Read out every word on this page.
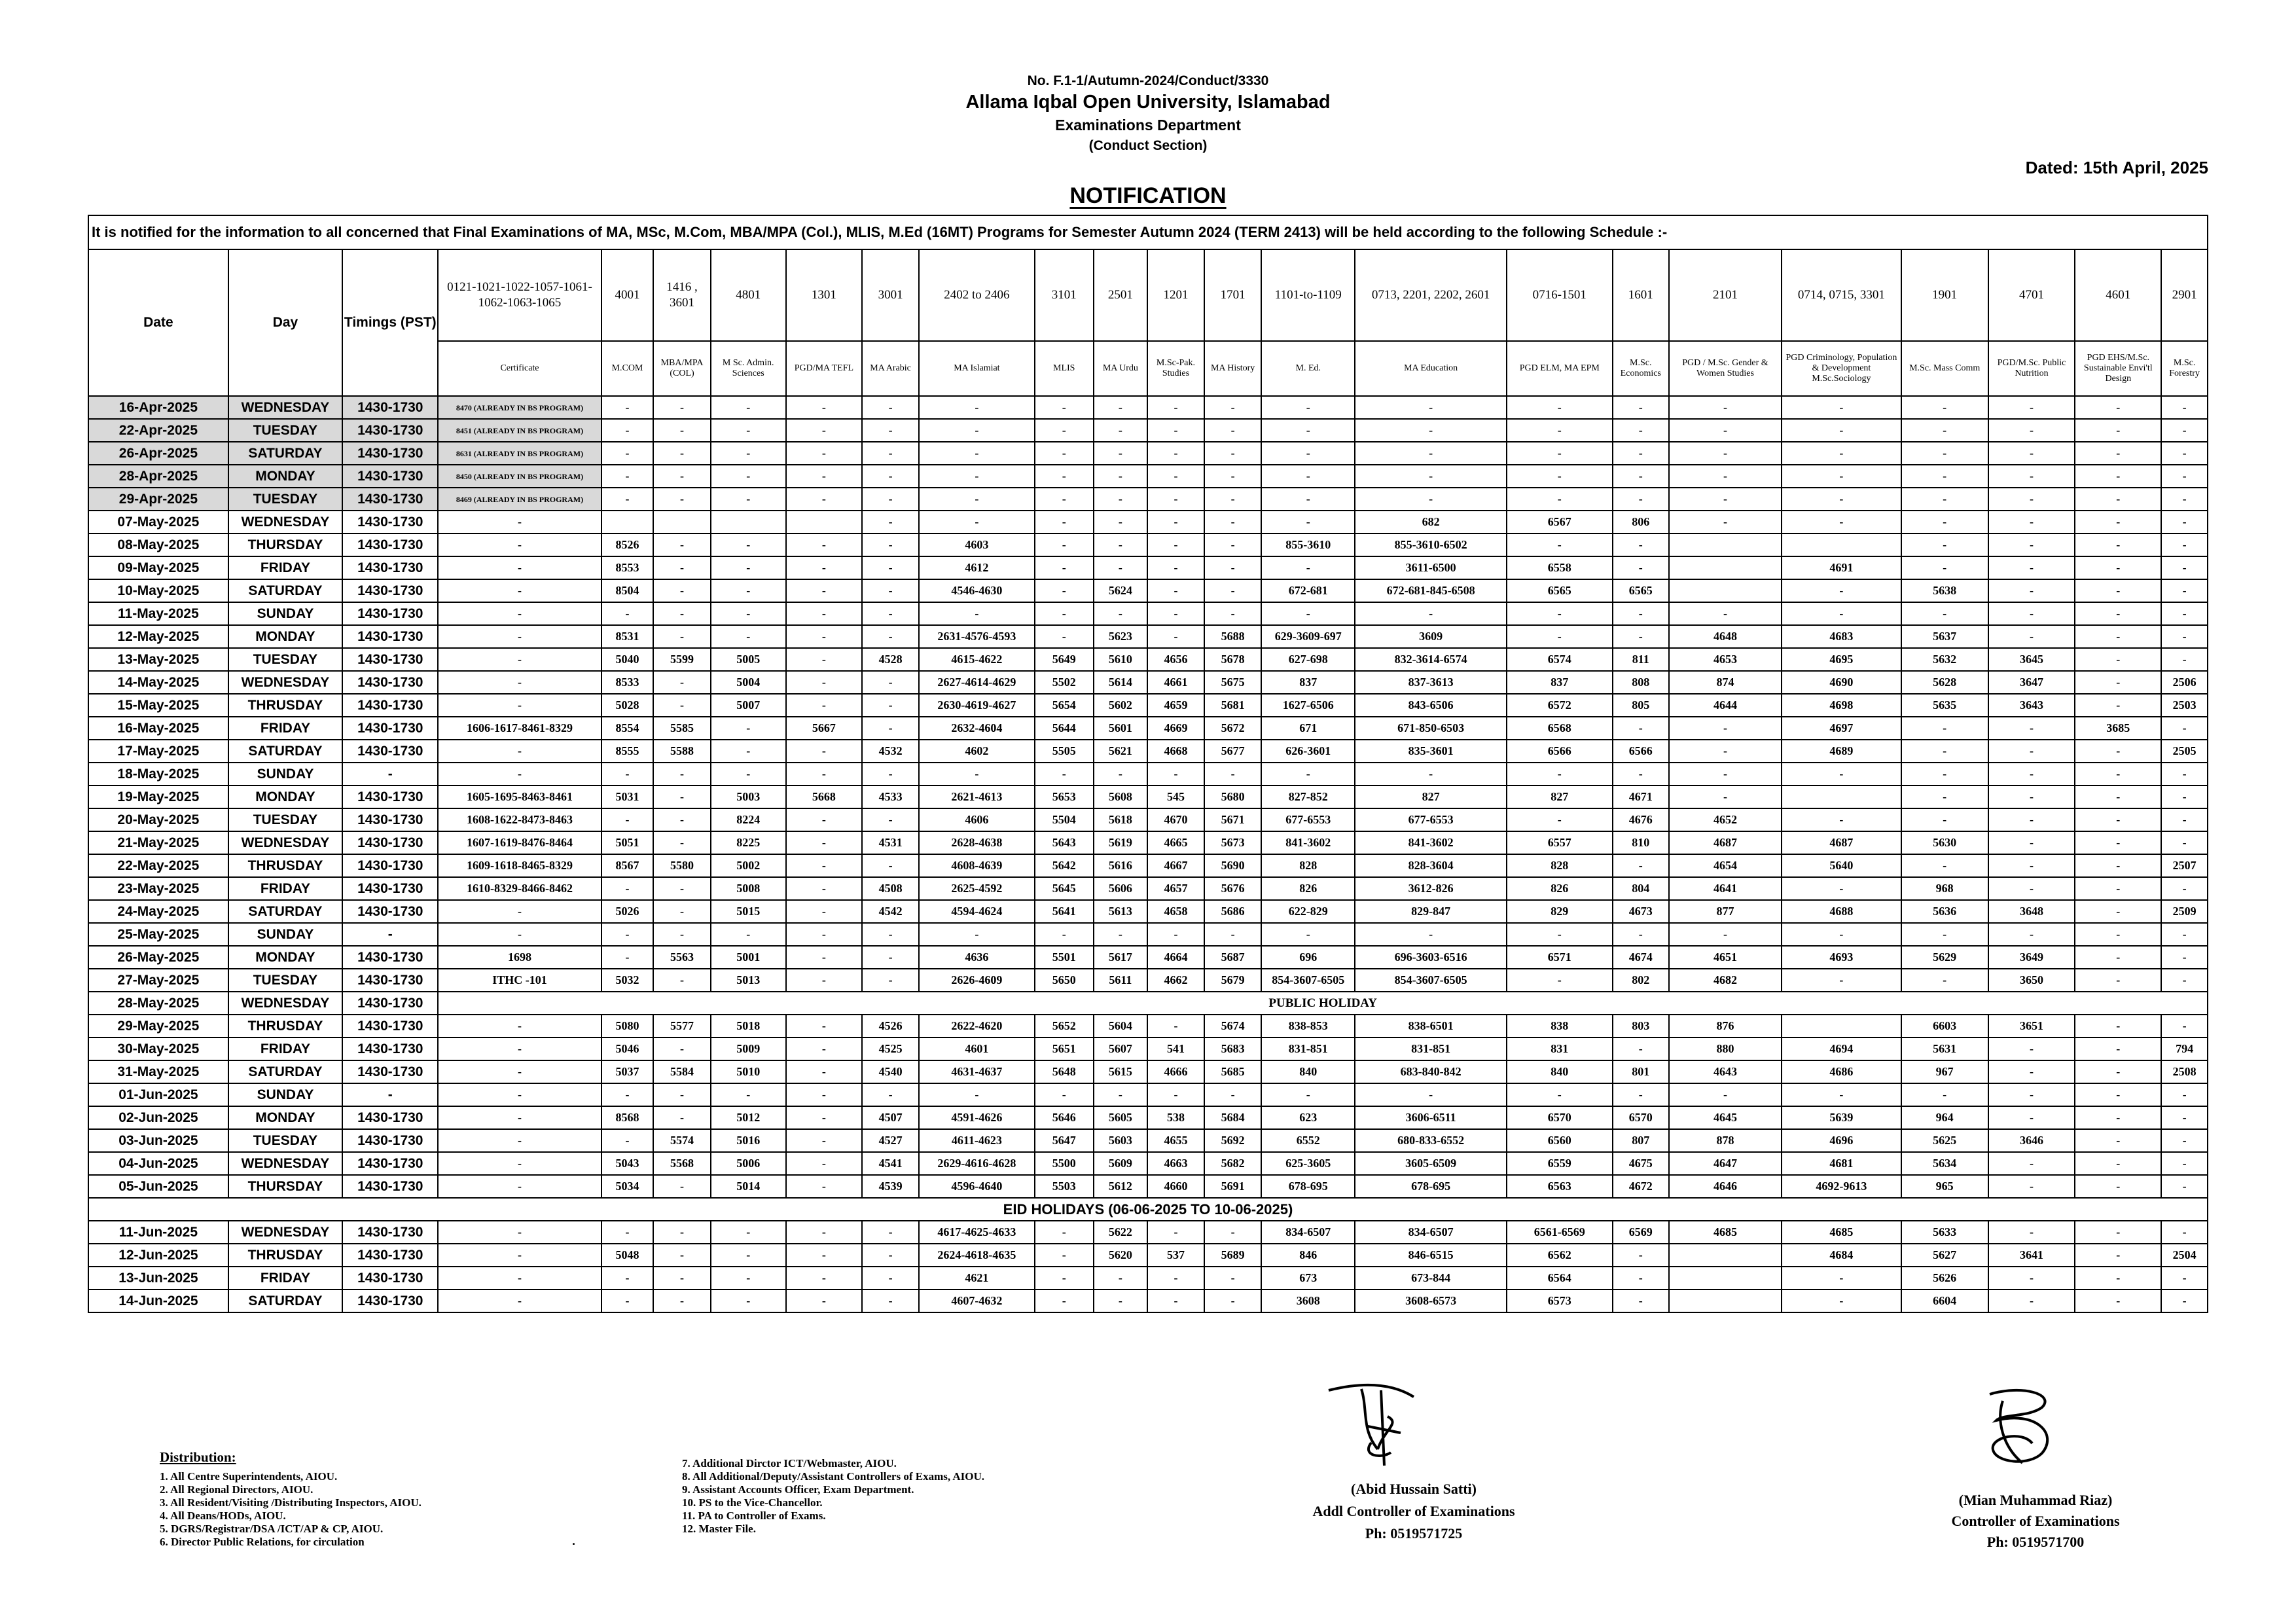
No. F.1-1/Autumn-2024/Conduct/3330
Allama Iqbal Open University, Islamabad
Examinations Department
(Conduct Section)
Dated: 15th April, 2025
NOTIFICATION
It is notified for the information to all concerned that Final Examinations of MA, MSc, M.Com, MBA/MPA (Col.), MLIS, M.Ed (16MT) Programs for Semester Autumn 2024 (TERM 2413) will be held according to the following Schedule :-																							
Date	Day	Timings (PST)	0121-1021-1022-1057-1061-1062-1063-1065	4001	1416 , 3601	4801	1301	3001	2402 to 2406	3101	2501	1201	1701	1101-to-1109	0713, 2201, 2202, 2601	0716-1501	1601	2101	0714, 0715, 3301	1901	4701	4601	2901
			Certificate	M.COM	MBA/MPA (COL)	M Sc. Admin. Sciences	PGD/MA TEFL	MA Arabic	MA Islamiat	MLIS	MA Urdu	M.Sc-Pak. Studies	MA History	M. Ed.	MA Education	PGD ELM, MA EPM	M.Sc. Economics	PGD / M.Sc. Gender & Women Studies	PGD Criminology, Population & Development M.Sc.Sociology	M.Sc. Mass Comm	PGD/M.Sc. Public Nutrition	PGD EHS/M.Sc. Sustainable Envi'tl Design	M.Sc. Forestry
16-Apr-2025	WEDNESDAY	1430-1730	8470 (ALREADY IN BS PROGRAM)	-	-	-	-	-	-	-	-	-	-	-	-	-	-	-	-	-	-	-	-
22-Apr-2025	TUESDAY	1430-1730	8451 (ALREADY IN BS PROGRAM)	-	-	-	-	-	-	-	-	-	-	-	-	-	-	-	-	-	-	-	-
26-Apr-2025	SATURDAY	1430-1730	8631 (ALREADY IN BS PROGRAM)	-	-	-	-	-	-	-	-	-	-	-	-	-	-	-	-	-	-	-	-
28-Apr-2025	MONDAY	1430-1730	8450 (ALREADY IN BS PROGRAM)	-	-	-	-	-	-	-	-	-	-	-	-	-	-	-	-	-	-	-	-
29-Apr-2025	TUESDAY	1430-1730	8469 (ALREADY IN BS PROGRAM)	-	-	-	-	-	-	-	-	-	-	-	-	-	-	-	-	-	-	-	-
07-May-2025	WEDNESDAY	1430-1730	-					-	-	-	-	-	-	-	682	6567	806	-	-	-	-	-	-
08-May-2025	THURSDAY	1430-1730	-	8526	-	-	-	-	4603	-	-	-	-	855-3610	855-3610-6502	-	-			-	-	-	-
09-May-2025	FRIDAY	1430-1730	-	8553	-	-	-	-	4612	-	-	-	-	-	3611-6500	6558	-		4691	-	-	-	-
10-May-2025	SATURDAY	1430-1730	-	8504	-	-	-	-	4546-4630	-	5624	-	-	672-681	672-681-845-6508	6565	6565		-	5638	-	-	-
11-May-2025	SUNDAY	1430-1730	-	-	-	-	-	-	-	-	-	-	-	-	-	-	-	-	-	-	-	-	-
12-May-2025	MONDAY	1430-1730	-	8531	-	-	-	-	2631-4576-4593	-	5623	-	5688	629-3609-697	3609	-	-	4648	4683	5637	-	-	-
13-May-2025	TUESDAY	1430-1730	-	5040	5599	5005	-	4528	4615-4622	5649	5610	4656	5678	627-698	832-3614-6574	6574	811	4653	4695	5632	3645	-	-
14-May-2025	WEDNESDAY	1430-1730	-	8533	-	5004	-	-	2627-4614-4629	5502	5614	4661	5675	837	837-3613	837	808	874	4690	5628	3647	-	2506
15-May-2025	THRUSDAY	1430-1730	-	5028	-	5007	-	-	2630-4619-4627	5654	5602	4659	5681	1627-6506	843-6506	6572	805	4644	4698	5635	3643	-	2503
16-May-2025	FRIDAY	1430-1730	1606-1617-8461-8329	8554	5585	-	5667	-	2632-4604	5644	5601	4669	5672	671	671-850-6503	6568	-	-	4697	-	-	3685	-
17-May-2025	SATURDAY	1430-1730	-	8555	5588	-	-	4532	4602	5505	5621	4668	5677	626-3601	835-3601	6566	6566	-	4689	-	-	-	2505
18-May-2025	SUNDAY	-	-	-	-	-	-	-	-	-	-	-	-	-	-	-	-	-	-	-	-	-	-
19-May-2025	MONDAY	1430-1730	1605-1695-8463-8461	5031	-	5003	5668	4533	2621-4613	5653	5608	545	5680	827-852	827	827	4671	-		-	-	-	-
20-May-2025	TUESDAY	1430-1730	1608-1622-8473-8463	-	-	8224	-	-	4606	5504	5618	4670	5671	677-6553	677-6553	-	4676	4652	-	-	-	-	-
21-May-2025	WEDNESDAY	1430-1730	1607-1619-8476-8464	5051	-	8225	-	4531	2628-4638	5643	5619	4665	5673	841-3602	841-3602	6557	810	4687	4687	5630	-	-	-
22-May-2025	THRUSDAY	1430-1730	1609-1618-8465-8329	8567	5580	5002	-	-	4608-4639	5642	5616	4667	5690	828	828-3604	828	-	4654	5640	-	-	-	2507
23-May-2025	FRIDAY	1430-1730	1610-8329-8466-8462	-	-	5008	-	4508	2625-4592	5645	5606	4657	5676	826	3612-826	826	804	4641	-	968	-	-	-
24-May-2025	SATURDAY	1430-1730	-	5026	-	5015	-	4542	4594-4624	5641	5613	4658	5686	622-829	829-847	829	4673	877	4688	5636	3648	-	2509
25-May-2025	SUNDAY	-	-	-	-	-	-	-	-	-	-	-	-	-	-	-	-	-	-	-	-	-	-
26-May-2025	MONDAY	1430-1730	1698	-	5563	5001	-	-	4636	5501	5617	4664	5687	696	696-3603-6516	6571	4674	4651	4693	5629	3649	-	-
27-May-2025	TUESDAY	1430-1730	ITHC -101	5032	-	5013	-	-	2626-4609	5650	5611	4662	5679	854-3607-6505	854-3607-6505	-	802	4682	-	-	3650	-	-
28-May-2025	WEDNESDAY	1430-1730	PUBLIC HOLIDAY																				
29-May-2025	THRUSDAY	1430-1730	-	5080	5577	5018	-	4526	2622-4620	5652	5604	-	5674	838-853	838-6501	838	803	876		6603	3651	-	-
30-May-2025	FRIDAY	1430-1730	-	5046	-	5009	-	4525	4601	5651	5607	541	5683	831-851	831-851	831	-	880	4694	5631	-	-	794
31-May-2025	SATURDAY	1430-1730	-	5037	5584	5010	-	4540	4631-4637	5648	5615	4666	5685	840	683-840-842	840	801	4643	4686	967	-	-	2508
01-Jun-2025	SUNDAY	-	-	-	-	-	-	-	-	-	-	-	-	-	-	-	-	-	-	-	-	-	-
02-Jun-2025	MONDAY	1430-1730	-	8568	-	5012	-	4507	4591-4626	5646	5605	538	5684	623	3606-6511	6570	6570	4645	5639	964	-	-	-
03-Jun-2025	TUESDAY	1430-1730	-	-	5574	5016	-	4527	4611-4623	5647	5603	4655	5692	6552	680-833-6552	6560	807	878	4696	5625	3646	-	-
04-Jun-2025	WEDNESDAY	1430-1730	-	5043	5568	5006	-	4541	2629-4616-4628	5500	5609	4663	5682	625-3605	3605-6509	6559	4675	4647	4681	5634	-	-	-
05-Jun-2025	THURSDAY	1430-1730	-	5034	-	5014	-	4539	4596-4640	5503	5612	4660	5691	678-695	678-695	6563	4672	4646	4692-9613	965	-	-	-
EID HOLIDAYS (06-06-2025 TO 10-06-2025)																							
11-Jun-2025	WEDNESDAY	1430-1730	-	-	-	-	-	-	4617-4625-4633	-	5622	-	-	834-6507	834-6507	6561-6569	6569	4685	4685	5633	-	-	-
12-Jun-2025	THRUSDAY	1430-1730	-	5048	-	-	-	-	2624-4618-4635	-	5620	537	5689	846	846-6515	6562	-		4684	5627	3641	-	2504
13-Jun-2025	FRIDAY	1430-1730	-	-	-	-	-	-	4621	-	-	-	-	673	673-844	6564	-		-	5626	-	-	-
14-Jun-2025	SATURDAY	1430-1730	-	-	-	-	-	-	4607-4632	-	-	-	-	3608	3608-6573	6573	-		-	6604	-	-	-
Distribution:
1. All Centre Superintendents, AIOU.
2. All Regional Directors, AIOU.
3. All Resident/Visiting /Distributing Inspectors, AIOU.
4. All Deans/HODs, AIOU.
5. DGRS/Registrar/DSA /ICT/AP & CP, AIOU.
6. Director Public Relations, for circulation
7. Additional Dirctor ICT/Webmaster, AIOU.
8. All Additional/Deputy/Assistant Controllers of Exams, AIOU.
9. Assistant Accounts Officer, Exam Department.
10. PS to the Vice-Chancellor.
11. PA to Controller of Exams.
12. Master File.
.
(Abid Hussain Satti)
Addl Controller of Examinations
Ph: 0519571725
(Mian Muhammad Riaz)
Controller of Examinations
Ph: 0519571700
